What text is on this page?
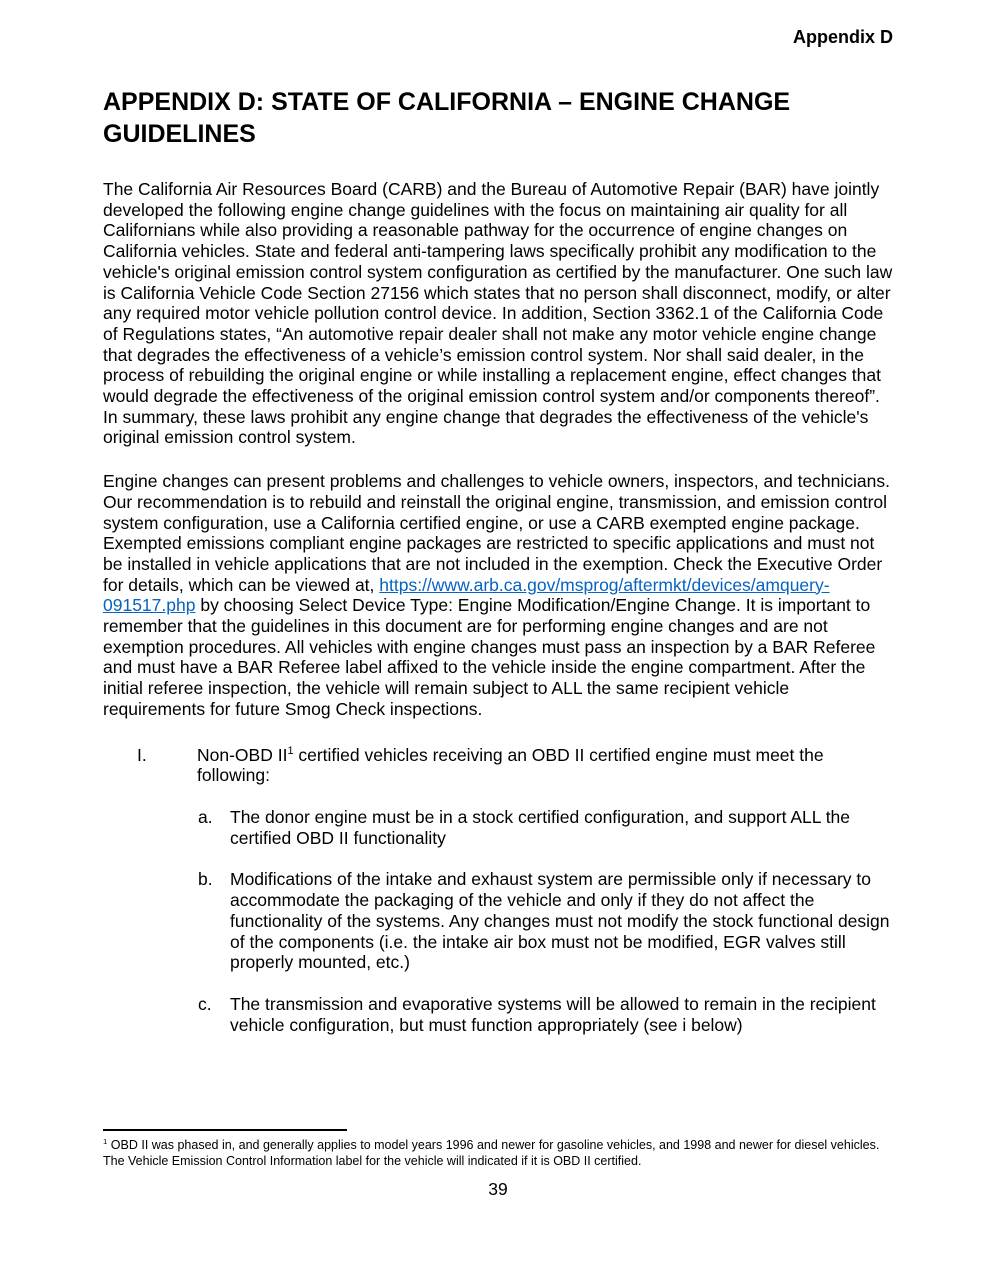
Appendix D
APPENDIX D: STATE OF CALIFORNIA – ENGINE CHANGE GUIDELINES

The California Air Resources Board (CARB) and the Bureau of Automotive Repair (BAR) have jointly developed the following engine change guidelines with the focus on maintaining air quality for all Californians while also providing a reasonable pathway for the occurrence of engine changes on California vehicles. State and federal anti-tampering laws specifically prohibit any modification to the vehicle's original emission control system configuration as certified by the manufacturer. One such law is California Vehicle Code Section 27156 which states that no person shall disconnect, modify, or alter any required motor vehicle pollution control device. In addition, Section 3362.1 of the California Code of Regulations states, “An automotive repair dealer shall not make any motor vehicle engine change that degrades the effectiveness of a vehicle’s emission control system. Nor shall said dealer, in the process of rebuilding the original engine or while installing a replacement engine, effect changes that would degrade the effectiveness of the original emission control system and/or components thereof”. In summary, these laws prohibit any engine change that degrades the effectiveness of the vehicle's original emission control system.

Engine changes can present problems and challenges to vehicle owners, inspectors, and technicians. Our recommendation is to rebuild and reinstall the original engine, transmission, and emission control system configuration, use a California certified engine, or use a CARB exempted engine package. Exempted emissions compliant engine packages are restricted to specific applications and must not be installed in vehicle applications that are not included in the exemption. Check the Executive Order for details, which can be viewed at, https://www.arb.ca.gov/msprog/aftermkt/devices/amquery-091517.php by choosing Select Device Type: Engine Modification/Engine Change. It is important to remember that the guidelines in this document are for performing engine changes and are not exemption procedures. All vehicles with engine changes must pass an inspection by a BAR Referee and must have a BAR Referee label affixed to the vehicle inside the engine compartment. After the initial referee inspection, the vehicle will remain subject to ALL the same recipient vehicle requirements for future Smog Check inspections.

I.	Non-OBD $II^1$ certified vehicles receiving an OBD II certified engine must meet the following:
a. The donor engine must be in a stock certified configuration, and support ALL the certified OBD II functionality
b. Modifications of the intake and exhaust system are permissible only if necessary to accommodate the packaging of the vehicle and only if they do not affect the functionality of the systems. Any changes must not modify the stock functional design of the components (i.e. the intake air box must not be modified, EGR valves still properly mounted, etc.)
c.	The transmission and evaporative systems will be allowed to remain in the recipient vehicle configuration, but must function appropriately (see i below)
$^1$ OBD II was phased in, and generally applies to model years 1996 and newer for gasoline vehicles, and 1998 and newer for diesel vehicles. The Vehicle Emission Control Information label for the vehicle will indicated if it is OBD II certified.
39
